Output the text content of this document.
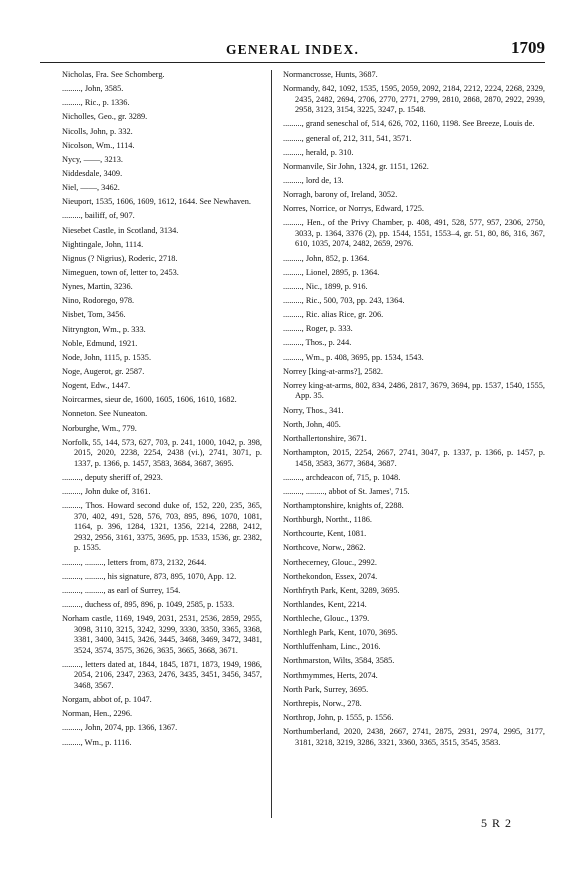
GENERAL INDEX.	1709
Nicholas, Fra. See Schomberg.
........., John, 3585.
........., Ric., p. 1336.
Nicholles, Geo., gr. 3289.
Nicolls, John, p. 332.
Nicolson, Wm., 1114.
Nycy, ——, 3213.
Niddesdale, 3409.
Niel, ——, 3462.
Nieuport, 1535, 1606, 1609, 1612, 1644. See Newhaven.
........., bailiff, of, 907.
Niesebet Castle, in Scotland, 3134.
Nightingale, John, 1114.
Nignus (? Nigrius), Roderic, 2718.
Nimeguen, town of, letter to, 2453.
Nynes, Martin, 3236.
Nino, Rodorego, 978.
Nisbet, Tom, 3456.
Nitryngton, Wm., p. 333.
Noble, Edmund, 1921.
Node, John, 1115, p. 1535.
Noge, Augerot, gr. 2587.
Nogent, Edw., 1447.
Noircarmes, sieur de, 1600, 1605, 1606, 1610, 1682.
Nonneton. See Nuneaton.
Norburghe, Wm., 779.
Norfolk, 55, 144, 573, 627, 703, p. 241, 1000, 1042, p. 398, 2015, 2020, 2238, 2254, 2438 (vi.), 2741, 3071, p. 1337, p. 1366, p. 1457, 3583, 3684, 3687, 3695.
........., deputy sheriff of, 2923.
........., John duke of, 3161.
........., Thos. Howard second duke of, 152, 220, 235, 365, 370, 402, 491, 528, 576, 703, 895, 896, 1070, 1081, 1164, p. 396, 1284, 1321, 1356, 2214, 2288, 2412, 2932, 2956, 3161, 3375, 3695, pp. 1533, 1536, gr. 2382, p. 1535.
........., ........., letters from, 873, 2132, 2644.
........., ........., his signature, 873, 895, 1070, App. 12.
........., ........., as earl of Surrey, 154.
........., duchess of, 895, 896, p. 1049, 2585, p. 1533.
Norham castle, 1169, 1949, 2031, 2531, 2536, 2859, 2955, 3098, 3110, 3215, 3242, 3299, 3330, 3350, 3365, 3368, 3381, 3400, 3415, 3426, 3445, 3468, 3469, 3472, 3481, 3524, 3574, 3575, 3626, 3635, 3665, 3668, 3671.
........., letters dated at, 1844, 1845, 1871, 1873, 1949, 1986, 2054, 2106, 2347, 2363, 2476, 3435, 3451, 3456, 3457, 3468, 3567.
Norgam, abbot of, p. 1047.
Norman, Hen., 2296.
........., John, 2074, pp. 1366, 1367.
........., Wm., p. 1116.
Normancrosse, Hunts, 3687.
Normandy, 842, 1092, 1535, 1595, 2059, 2092, 2184, 2212, 2224, 2268, 2329, 2435, 2482, 2694, 2706, 2770, 2771, 2799, 2810, 2868, 2870, 2922, 2939, 2958, 3123, 3154, 3225, 3247, p. 1548.
........., grand seneschal of, 514, 626, 702, 1160, 1198. See Breeze, Louis de.
........., general of, 212, 311, 541, 3571.
........., herald, p. 310.
Normanvile, Sir John, 1324, gr. 1151, 1262.
........., lord de, 13.
Norragh, barony of, Ireland, 3052.
Norres, Norrice, or Norrys, Edward, 1725.
........., Hen., of the Privy Chamber, p. 408, 491, 528, 577, 957, 2306, 2750, 3033, p. 1364, 3376 (2), pp. 1544, 1551, 1553–4, gr. 51, 80, 86, 316, 367, 610, 1035, 2074, 2482, 2659, 2976.
........., John, 852, p. 1364.
........., Lionel, 2895, p. 1364.
........., Nic., 1899, p. 916.
........., Ric., 500, 703, pp. 243, 1364.
........., Ric. alias Rice, gr. 206.
........., Roger, p. 333.
........., Thos., p. 244.
........., Wm., p. 408, 3695, pp. 1534, 1543.
Norrey [king-at-arms?], 2582.
Norrey king-at-arms, 802, 834, 2486, 2817, 3679, 3694, pp. 1537, 1540, 1555, App. 35.
Norry, Thos., 341.
North, John, 405.
Northallertonshire, 3671.
Northampton, 2015, 2254, 2667, 2741, 3047, p. 1337, p. 1366, p. 1457, p. 1458, 3583, 3677, 3684, 3687.
........., archdeacon of, 715, p. 1048.
........., ........., abbot of St. James', 715.
Northamptonshire, knights of, 2288.
Northburgh, Northt., 1186.
Northcourte, Kent, 1081.
Northcove, Norw., 2862.
Northecerney, Glouc., 2992.
Northekondon, Essex, 2074.
Northfryth Park, Kent, 3289, 3695.
Northlandes, Kent, 2214.
Northleche, Glouc., 1379.
Northlegh Park, Kent, 1070, 3695.
Northluffenham, Linc., 2016.
Northmarston, Wilts, 3584, 3585.
Northmymmes, Herts, 2074.
North Park, Surrey, 3695.
Northrepis, Norw., 278.
Northrop, John, p. 1555, p. 1556.
Northumberland, 2020, 2438, 2667, 2741, 2875, 2931, 2974, 2995, 3177, 3181, 3218, 3219, 3286, 3321, 3360, 3365, 3515, 3545, 3583.
5 R 2
